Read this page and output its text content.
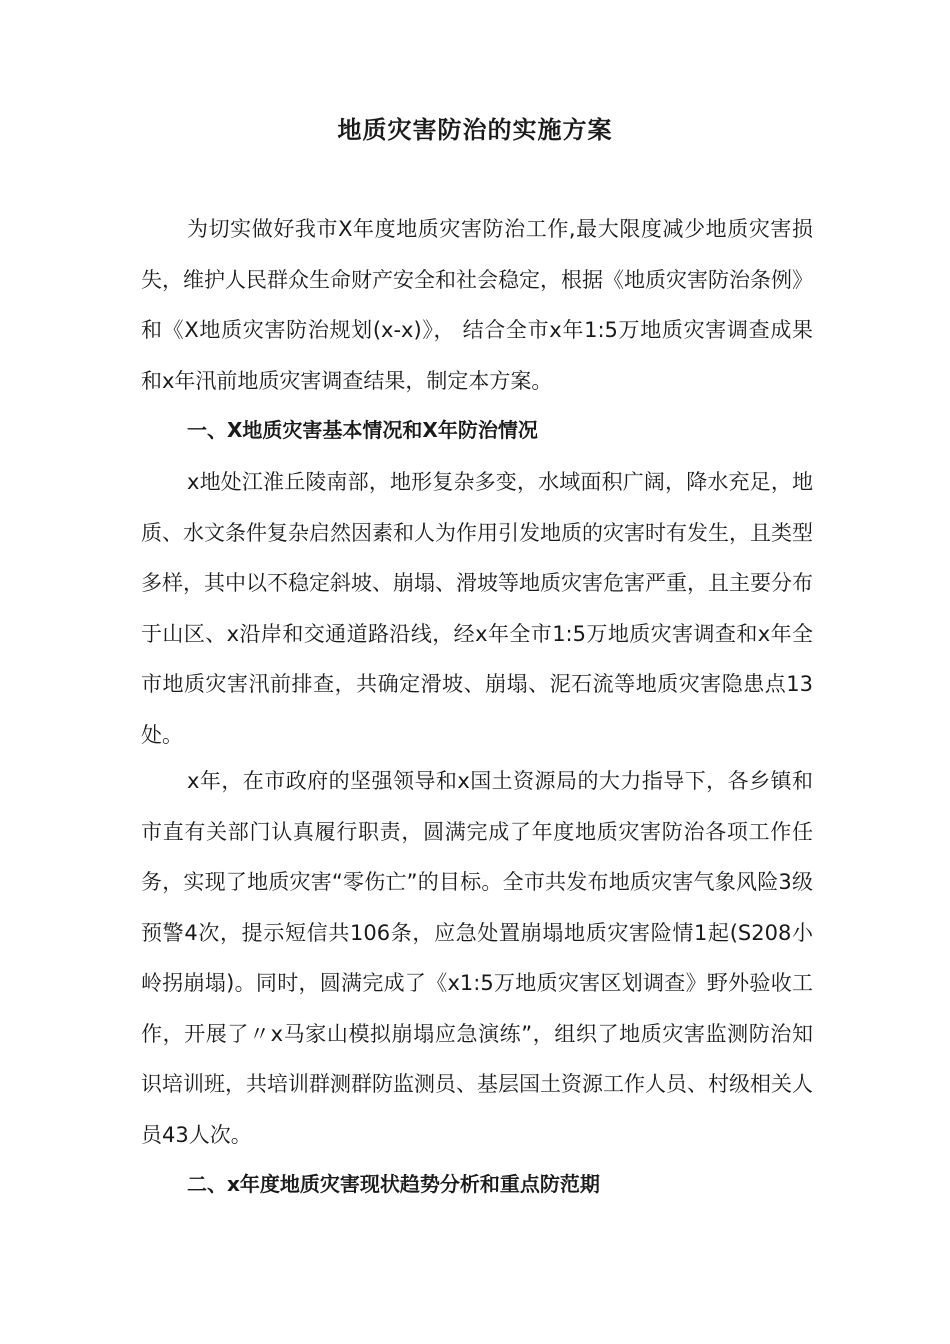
地质灾害防治的实施方案

为切实做好我市X年度地质灾害防治工作,最大限度减少地质灾害损失，维护人民群众生命财产安全和社会稳定，根据《地质灾害防治条例》和《X地质灾害防治规划(x-x)》， 结合全市x年1:5万地质灾害调查成果和x年汛前地质灾害调查结果，制定本方案。

一、X地质灾害基本情况和X年防治情况

x地处江淮丘陵南部，地形复杂多变，水域面积广阔，降水充足，地质、水文条件复杂启然因素和人为作用引发地质的灾害时有发生，且类型多样，其中以不稳定斜坡、崩塌、滑坡等地质灾害危害严重，且主要分布于山区、x沿岸和交通道路沿线，经x年全市1:5万地质灾害调查和x年全市地质灾害汛前排查，共确定滑坡、崩塌、泥石流等地质灾害隐患点13处。

x年，在市政府的坚强领导和x国土资源局的大力指导下，各乡镇和市直有关部门认真履行职责，圆满完成了年度地质灾害防治各项工作任务，实现了地质灾害“零伤亡”的目标。全市共发布地质灾害气象风险3级预警4次，提示短信共106条，应急处置崩塌地质灾害险情1起(S208小岭拐崩塌)。同时，圆满完成了《x1:5万地质灾害区划调查》野外验收工作，开展了〃x马家山模拟崩塌应急演练”，组织了地质灾害监测防治知识培训班，共培训群测群防监测员、基层国土资源工作人员、村级相关人员43人次。

二、x年度地质灾害现状趋势分析和重点防范期
